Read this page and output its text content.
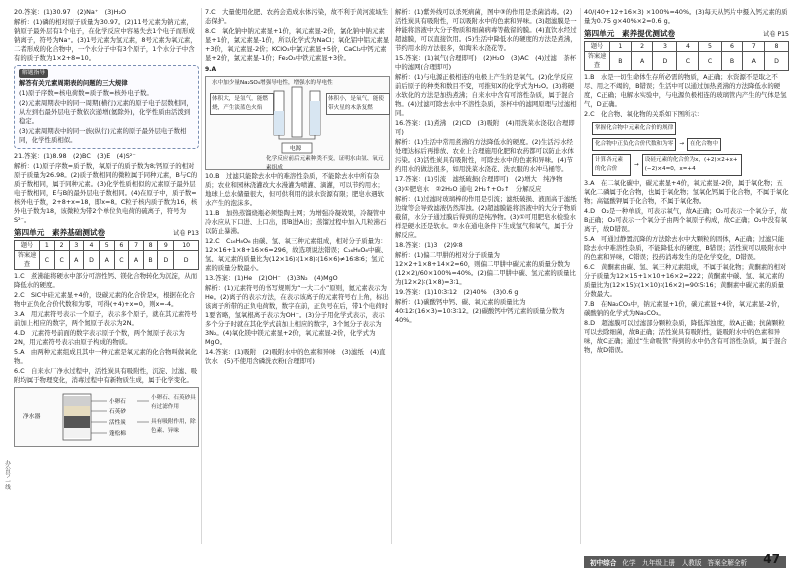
20.答案：(1)30.97　(2)Na⁺　(3)H₂O

解析：(1)磷的相对原子质量为30.97。(2)11号元素为钠元素，钠原子最外层有1个电子，在化学反应中容易失去1个电子而形成钠离子，符号为Na⁺。(3)1号元素为氢元素，8号元素为氧元素，二者形成的化合物中，一个水分子中有3个原子，1个水分子中含有的质子数为1×2+8=10。

解题指导

解答有关元素周期表的问题的三大规律

(1)原子序数=核电荷数=质子数=核外电子数。

(2)元素周期表中的同一周期(横行)元素的原子电子层数相同，从左到右最外层电子数依次递增(氦除外)，化学性质由活泼到稳定。

(3)元素周期表中的同一族(纵行)元素的原子最外层电子数相同，化学性质相似。

21.答案：(1)8.98　(2)BC　(3)E　(4)S²⁻

解析：(1)原子序数=质子数，氧原子的质子数为8;钙原子的相对原子质量为26.98。(2)质子数相同的微粒属于同种元素，B与C的质子数相同，属于同种元素。(3)化学性质相似的元素原子最外层电子数相同，E与B的最外层电子数相同。(4)在原子中，质子数=核外电子数，2+8+x=18，即x=8。C粒子核内质子数为16，核外电子数为18，该微粒为带2个单位负电荷的硫离子，符号为S²⁻。

第四单元　素养基础测试卷	试卷 P13
题号	1	2	3	4	5	6	7	8	9	10
答案速查	C	C	A	D	A	C	A	B	D	D

1.C　煮沸能将硬水中部分可溶性钙、镁化合物转化为沉淀，从而降低水的硬度。

2.C　SiC中硅元素显+4价，设碳元素的化合价是x，根据在化合物中正负化合价代数和为零，可得(+4)+x=0，则x=-4。

3.A　用元素符号表示一个原子，表示多个原子，就在其元素符号前加上相应的数字，两个氮原子表示为2N。

4.D　元素符号前面的数字表示原子个数，两个氮原子表示为2N，用元素符号表示由原子构成的物质。

5.A　由两种元素组成且其中一种元素是氧元素的化合物叫做氧化物。

6.C　自来水厂净水过程中，活性炭具有吸附性，沉淀、过滤、吸附均属于物理变化，消毒过程中有新物质生成，属于化学变化。

小卵石
石英砂
活性炭
蓬松棉
净水器
小卵石、石英砂具有过滤作用
具有吸附作用，除色素、异味

7.C　大量使用化肥、农药会造成水体污染，故不利于黄河流域生态保护。

8.C　氧化钠中钠元素显+1价，氧元素显-2价，氯化钠中钠元素显+1价，氯元素显-1价，所以化学式为NaCl；氧化铝中铝元素显+3价，氧元素显-2价；KClO₃中氯元素显+5价，CaCl₂中钙元素显+2价，氯元素显-1价；Fe₂O₃中铁元素显+3价。

9.A
水中加少量Na₂SO₄增强导电性，增强水的导电性
电源
体积大，是氢气，能燃烧，产生淡蓝色火焰
体积小，是氧气，能使带火星的木条复燃
化学反应前后元素种类不变，证明水由氢、氧元素组成

10.B　过滤只能除去水中的难溶性杂质，不能除去水中所有杂质；农业和园林浇灌改大水漫灌为喷灌、滴灌，可以节约用水；地球上总水储量很大，但可供利用的淡水资源有限；肥皂水遇软水产生的泡沫多。

11.B　加热蒸馏烧瓶必须垫陶土网；为增强冷凝效果，冷凝管中冷水应从下口进、上口出，即B进A出；蒸馏过程中加入几粒沸石以防止暴沸。

12.C　C₁₆H₈O₆ 由碳、氢、氧三种元素组成，相对分子质量为：12×16+1×8+16×6=296，故选项说法错误；C₁₆H₈O₆中碳、氢、氧元素的质量比为(12×16)∶(1×8)∶(16×6)≠16∶8∶6；氢元素的质量分数最小。

13.答案：(1)He　(2)OH⁻　(3)3N₂　(4)MgO

解析：(1)元素符号的书写规则为“一大二小”原则，氦元素表示为He。(2)离子的表示方法，在表示该离子的元素符号右上角，标出该离子所带的正负电荷数，数字在前，正负号在后，带1个电荷时1要省略，氢氧根离子表示为OH⁻。(3)分子用化学式表示，表示多个分子时就在其化学式前加上相应的数字，3个氮分子表示为3N₂。(4)氧化镁中镁元素显+2价，氧元素显-2价，化学式为MgO。

14.答案：(1)吸附　(2)吸附水中的色素和异味　(3)滤纸　(4)直饮水　(5)不使用含磷洗衣粉(合理即可)

解析：(1)紫外线可以杀死病菌，图中③的作用是杀菌消毒。(2)活性炭具有吸附性，可以吸附水中的色素和异味。(3)超滤膜是一种能将溶液中大分子物质和细菌病毒等截留的膜。(4)直饮水经过超滤膜，可以直接饮用。(5)生活中降低水的硬度的方法是煮沸，节约用水的方法很多，如淘米水浇花等。

15.答案：(1)氧气(合理即可)　(2)H₂O　(3)AC　(4)过滤　茶杯中的滤网(合理即可)

解析：(1)与电源正极相连的电极上产生的是氧气。(2)化学反应前后原子的种类和数目不变，可推知X的化学式为H₂O。(3)将硬水软化的方法是加热煮沸；自来水中含有可溶性杂质，属于混合物。(4)过滤可除去水中不溶性杂质，茶杯中的滤网原理与过滤相同。

16.答案：(1)煮沸　(2)CD　(3)吸附　(4)用洗菜水浇花(合理即可)

解析：(1)生活中常用煮沸的方法降低水的硬度。(2)生活污水经处理达标后再排放、农业上合理施用化肥和农药都可以防止水体污染。(3)活性炭具有吸附性，可除去水中的色素和异味。(4)节约用水的做法很多，如用洗菜水浇花、洗衣服的水冲马桶等。

17.答案：(1)引流　滤纸破损(合理即可)　(2)增大　纯净物

(3)①肥皂水　②2H₂O 通电 2H₂↑+O₂↑　分解反应

解析：(1)过滤时玻璃棒的作用是引流；滤纸破损、液面高于滤纸边缘等会导致滤液仍然浑浊。(2)超滤膜能将溶液中的大分子物质截留，水分子通过膜后得到的是纯净物。(3)①可用肥皂水检验水样是硬水还是软水。②水在通电条件下生成氢气和氧气，属于分解反应。

18.答案：(1)3　(2)9∶8

解析：(1)偏二甲肼的相对分子质量为12×2+1×8+14×2=60，则偏二甲肼中碳元素的质量分数为(12×2)/60×100%=40%。(2)偏二甲肼中碳、氢元素的质量比为(12×2)∶(1×8)=3∶1。

19.答案：(1)10∶3∶12　(2)40%　(3)0.6 g

解析：(1)碳酸钙中钙、碳、氧元素的质量比为40∶12∶(16×3)=10∶3∶12。(2)碳酸钙中钙元素的质量分数为40%。

40/(40+12+16×3) ×100%=40%。(3)每天从钙片中摄入钙元素的质量为0.75 g×40%×2=0.6 g。

第四单元　素养提优测试卷	试卷 P15
题号	1	2	3	4	5	6	7	8
答案速查	B	A	D	C	C	B	A	D

1.B　水是一切生命体生存所必需的物质，A正确；水资源不是取之不尽、用之不竭的，B错误；生活中可以通过加热煮沸的方法降低水的硬度，C正确；电解水实验中，与电源负极相连的玻璃管内产生的气体是氢气，D正确。

2.C　化合物、氧化物的关系如下图所示：

掌握化合物中元素化合价的规律
化合物中正负化合价代数和为零	→	在化合物中
计算各元素的化合价
→
设硅元素的化合价为x，(+2)×2+x+(−2)×4=0，x=+4

3.A　在二氧化碳中，碳元素显+4价，氧元素显-2价，属于氧化物；五氧化二磷属于化合物，也属于氧化物；氢氧化钙属于化合物，不属于氧化物；高锰酸钾属于化合物，不属于氧化物。

4.D　O₂是一种单质，可表示氧气，故A正确；O₂可表示一个氧分子，故B正确；O₂可表示一个氧分子由两个氧原子构成，故C正确；O₂中没有氧离子，故D错误。

5.A　可通过静置沉降的方法除去水中大颗粒的固体，A正确；过滤只能除去水中难溶性杂质，不能降低水的硬度，B错误；活性炭可以吸附水中的色素和异味，C错误；投药消毒发生的是化学变化，D错误。

6.C　黄酮素由碳、氢、氧三种元素组成，不属于氧化物；黄酮素的相对分子质量为12×15+1×10+16×2=222；黄酮素中碳、氢、氧元素的质量比为(12×15)∶(1×10)∶(16×2)=90∶5∶16；黄酮素中碳元素的质量分数最大。

7.B　在Na₂CO₃中，钠元素显+1价，碳元素显+4价，氧元素显-2价，碳酸钠的化学式为Na₂CO₃。

8.D　超滤膜可以过滤部分颗粒杂质，降低浑浊度，故A正确；抗菌颗粒可以去除细菌，故B正确；活性炭具有吸附性，能吸附水中的色素和异味，故C正确；通过“生命吸管”得到的水中仍含有可溶性杂质，属于混合物，故D错误。

办公号·一线
初中综合 化学　九年级上册　人教版 答案全解全析 47
